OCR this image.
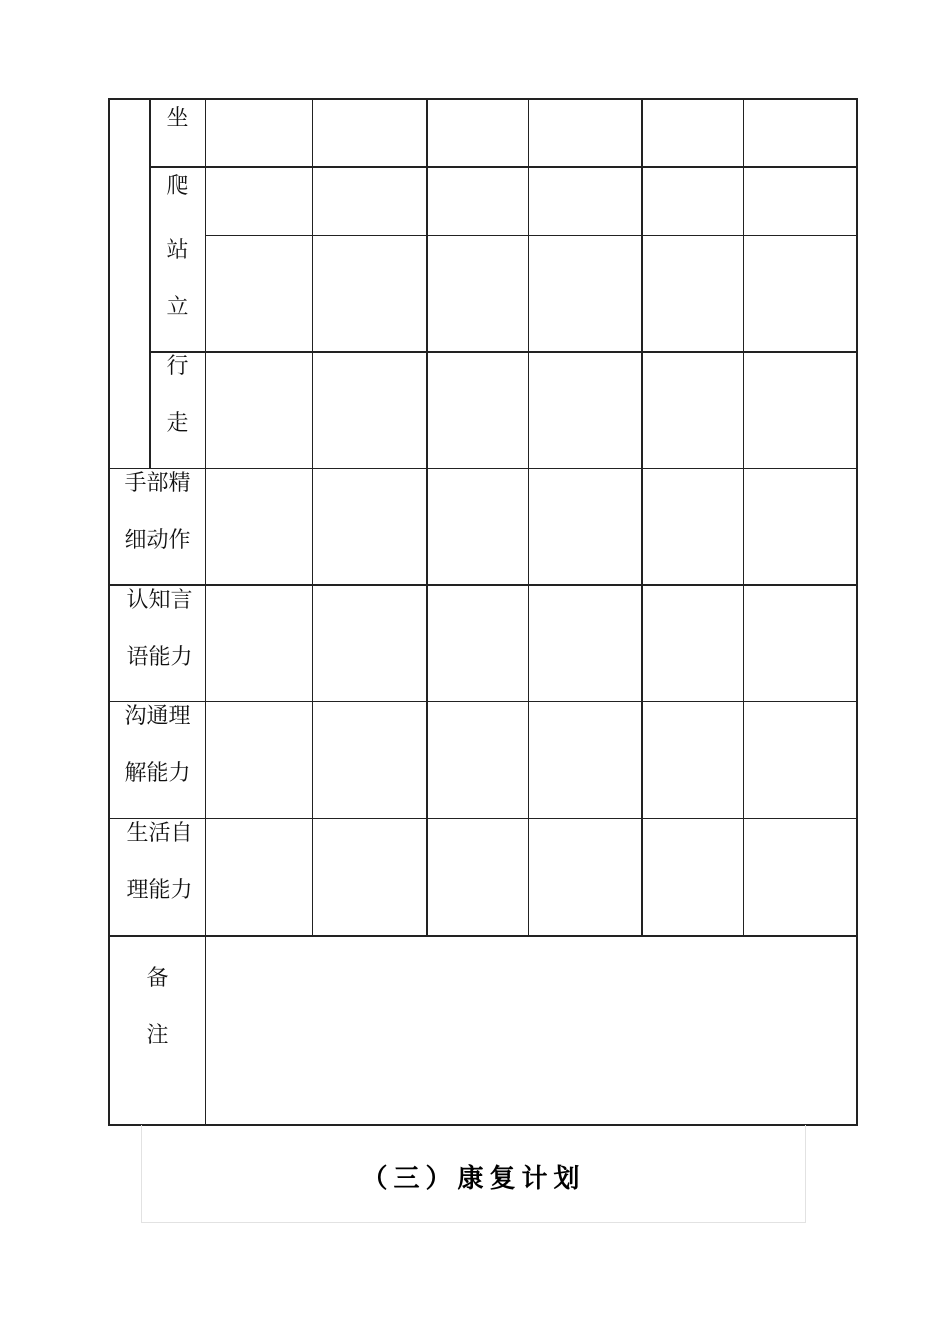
坐
爬
站
立
行
走
手部精
细动作
认知言
语能力
沟通理
解能力
生活自
理能力
备
注
（三）康复计划
